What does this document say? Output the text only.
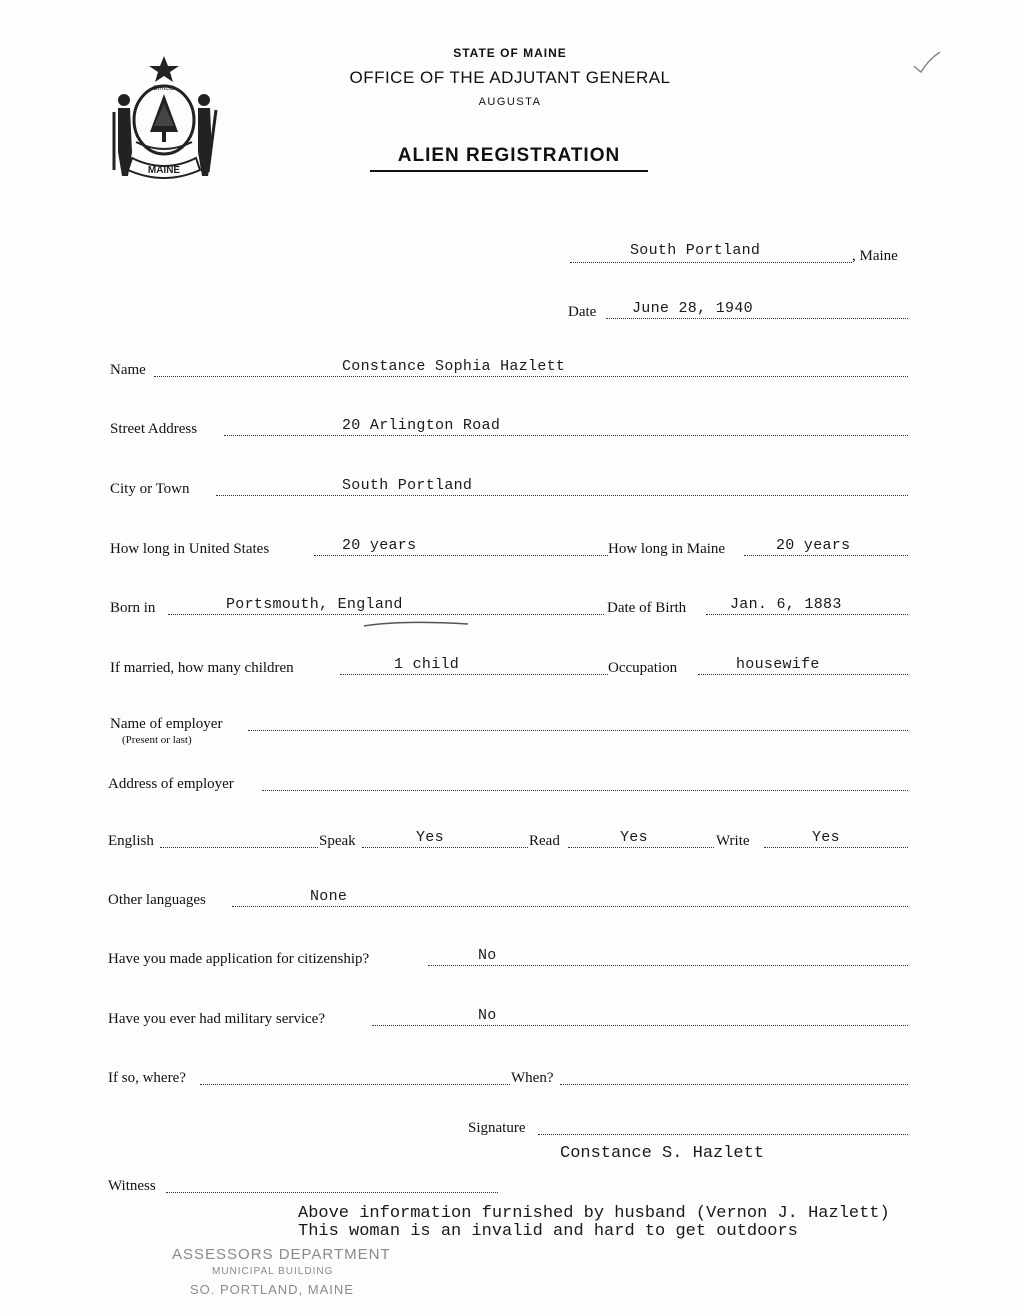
MAINE
DIRIGO
STATE OF MAINE
OFFICE OF THE ADJUTANT GENERAL
AUGUSTA
ALIEN REGISTRATION
South Portland	, Maine
Date June 28, 1940
Name	Constance Sophia Hazlett
Street Address	20 Arlington Road
City or Town	South Portland
How long in United States	20 years	How long in Maine	20 years
Born in	Portsmouth, England	Date of Birth	Jan. 6, 1883
If married, how many children	1 child	Occupation	housewife
Name of employer
(Present or last)
Address of employer
English	Speak	Yes	Read	Yes	Write	Yes
Other languages	None
Have you made application for citizenship?	No
Have you ever had military service?	No
If so, where?	When?
Signature
Constance S. Hazlett
Witness
Above information furnished by husband (Vernon J. Hazlett)
This woman is an invalid and hard to get outdoors
ASSESSORS DEPARTMENT
MUNICIPAL BUILDING
SO. PORTLAND, MAINE
